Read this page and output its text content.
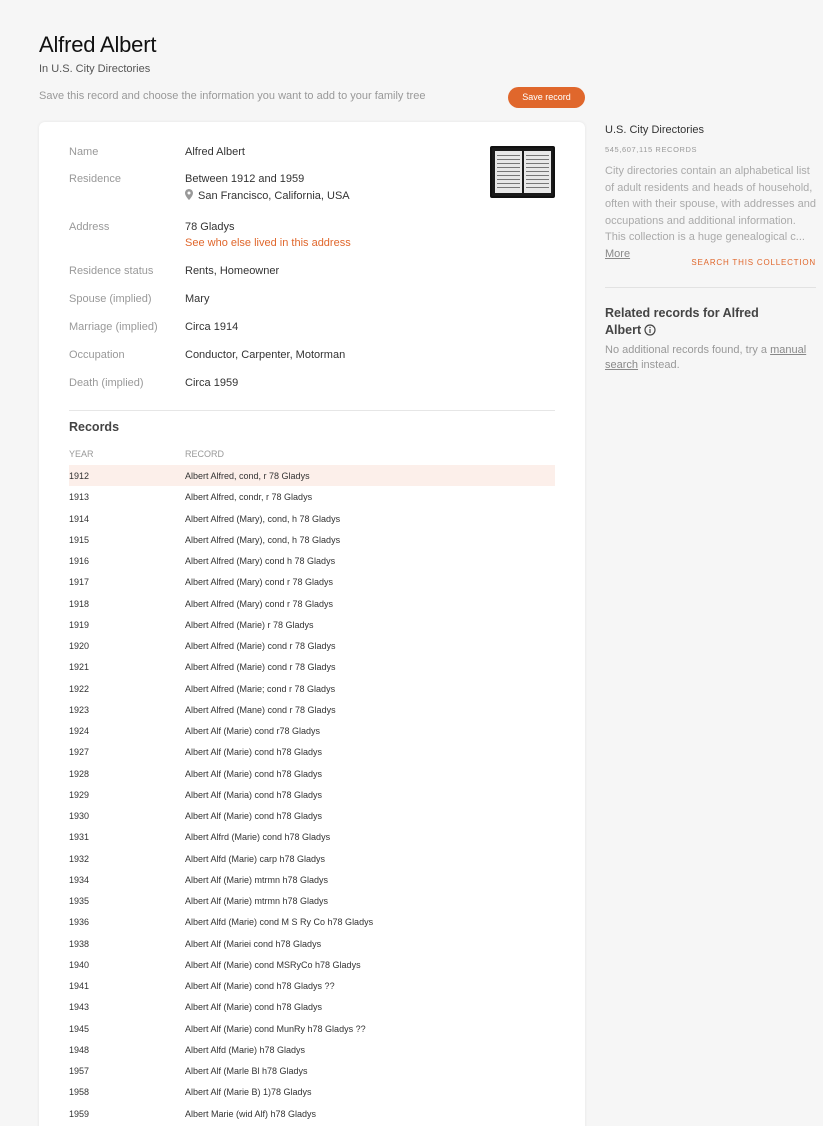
Alfred Albert
In U.S. City Directories
Save this record and choose the information you want to add to your family tree	Save record
Name	Alfred Albert
Residence	Between 1912 and 1959
San Francisco, California, USA
Address	78 Gladys
See who else lived in this address
Residence status	Rents, Homeowner
Spouse (implied)	Mary
Marriage (implied) Circa 1914
Occupation	Conductor, Carpenter, Motorman
Death (implied)	Circa 1959
Records
YEAR	RECORD
1912	Albert Alfred, cond, r 78 Gladys
1913	Albert Alfred, condr, r 78 Gladys
1914	Albert Alfred (Mary), cond, h 78 Gladys
1915	Albert Alfred (Mary), cond, h 78 Gladys
1916	Albert Alfred (Mary) cond h 78 Gladys
1917	Albert Alfred (Mary) cond r 78 Gladys
1918	Albert Alfred (Mary) cond r 78 Gladys
1919	Albert Alfred (Marie) r 78 Gladys
1920	Albert Alfred (Marie) cond r 78 Gladys
1921	Albert Alfred (Marie) cond r 78 Gladys
1922	Albert Alfred (Marie; cond r 78 Gladys
1923	Albert Alfred (Mane) cond r 78 Gladys
1924	Albert Alf (Marie) cond r78 Gladys
1927	Albert Alf (Marie) cond h78 Gladys
1928	Albert Alf (Marie) cond h78 Gladys
1929	Albert Alf (Maria) cond h78 Gladys
1930	Albert Alf (Marie) cond h78 Gladys
1931	Albert Alfrd (Marie) cond h78 Gladys
1932	Albert Alfd (Marie) carp h78 Gladys
1934	Albert Alf (Marie) mtrmn h78 Gladys
1935	Albert Alf (Marie) mtrmn h78 Gladys
1936	Albert Alfd (Marie) cond M S Ry Co h78 Gladys
1938	Albert Alf (Mariei cond h78 Gladys
1940	Albert Alf (Marie) cond MSRyCo h78 Gladys
1941	Albert Alf (Marie) cond h78 Gladys ??
1943	Albert Alf (Marie) cond h78 Gladys
1945	Albert Alf (Marie) cond MunRy h78 Gladys ??
1948	Albert Alfd (Marie) h78 Gladys
1957	Albert Alf (Marle Bl h78 Gladys
1958	Albert Alf (Marie B) 1)78 Gladys
1959	Albert Marie (wid Alf) h78 Gladys
U.S. City Directories
545,607,115 RECORDS
City directories contain an alphabetical list of adult residents and heads of household, often with their spouse, with addresses and occupations and additional information. This collection is a huge genealogical c... More
SEARCH THIS COLLECTION
Related records for Alfred Albert
No additional records found, try a manual search instead.
